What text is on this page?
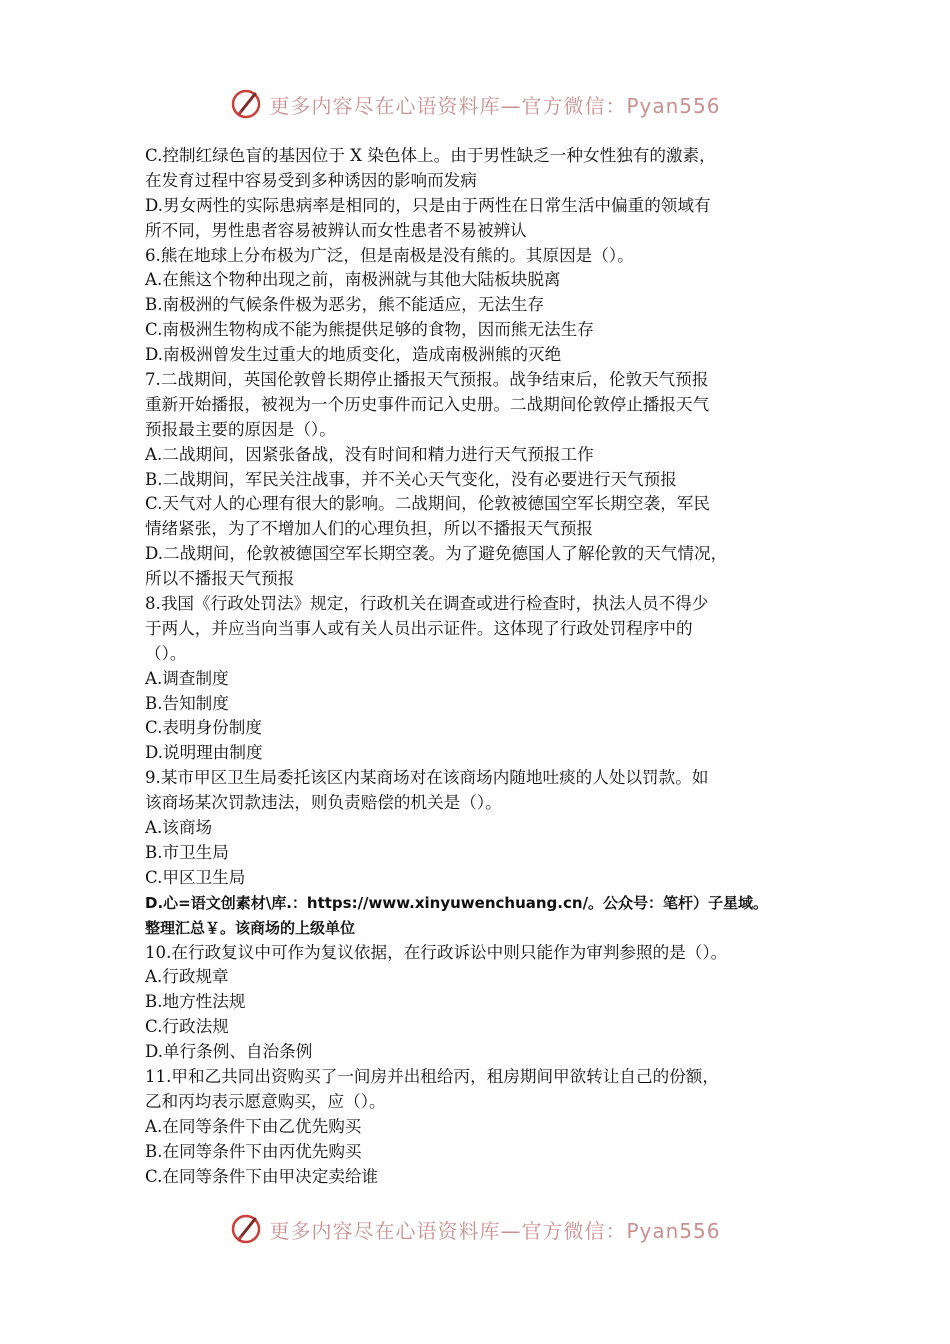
更多内容尽在心语资料库—官方微信：Pyan556
C.控制红绿色盲的基因位于 X 染色体上。由于男性缺乏一种女性独有的激素，
在发育过程中容易受到多种诱因的影响而发病
D.男女两性的实际患病率是相同的，只是由于两性在日常生活中偏重的领域有
所不同，男性患者容易被辨认而女性患者不易被辨认
6.熊在地球上分布极为广泛，但是南极是没有熊的。其原因是（）。
A.在熊这个物种出现之前，南极洲就与其他大陆板块脱离
B.南极洲的气候条件极为恶劣，熊不能适应，无法生存
C.南极洲生物构成不能为熊提供足够的食物，因而熊无法生存
D.南极洲曾发生过重大的地质变化，造成南极洲熊的灭绝
7.二战期间，英国伦敦曾长期停止播报天气预报。战争结束后，伦敦天气预报
重新开始播报，被视为一个历史事件而记入史册。二战期间伦敦停止播报天气
预报最主要的原因是（）。
A.二战期间，因紧张备战，没有时间和精力进行天气预报工作
B.二战期间，军民关注战事，并不关心天气变化，没有必要进行天气预报
C.天气对人的心理有很大的影响。二战期间，伦敦被德国空军长期空袭，军民
情绪紧张，为了不增加人们的心理负担，所以不播报天气预报
D.二战期间，伦敦被德国空军长期空袭。为了避免德国人了解伦敦的天气情况，
所以不播报天气预报
8.我国《行政处罚法》规定，行政机关在调查或进行检查时，执法人员不得少
于两人，并应当向当事人或有关人员出示证件。这体现了行政处罚程序中的
（）。
A.调查制度
B.告知制度
C.表明身份制度
D.说明理由制度
9.某市甲区卫生局委托该区内某商场对在该商场内随地吐痰的人处以罚款。如
该商场某次罚款违法，则负责赔偿的机关是（）。
A.该商场
B.市卫生局
C.甲区卫生局
D.心=语文创素材\库.：https://www.xinyuwenchuang.cn/。公众号：笔杆）子星域。
整理汇总￥。该商场的上级单位
10.在行政复议中可作为复议依据，在行政诉讼中则只能作为审判参照的是（）。
A.行政规章
B.地方性法规
C.行政法规
D.单行条例、自治条例
11.甲和乙共同出资购买了一间房并出租给丙，租房期间甲欲转让自己的份额，
乙和丙均表示愿意购买，应（）。
A.在同等条件下由乙优先购买
B.在同等条件下由丙优先购买
C.在同等条件下由甲决定卖给谁
更多内容尽在心语资料库—官方微信：Pyan556
